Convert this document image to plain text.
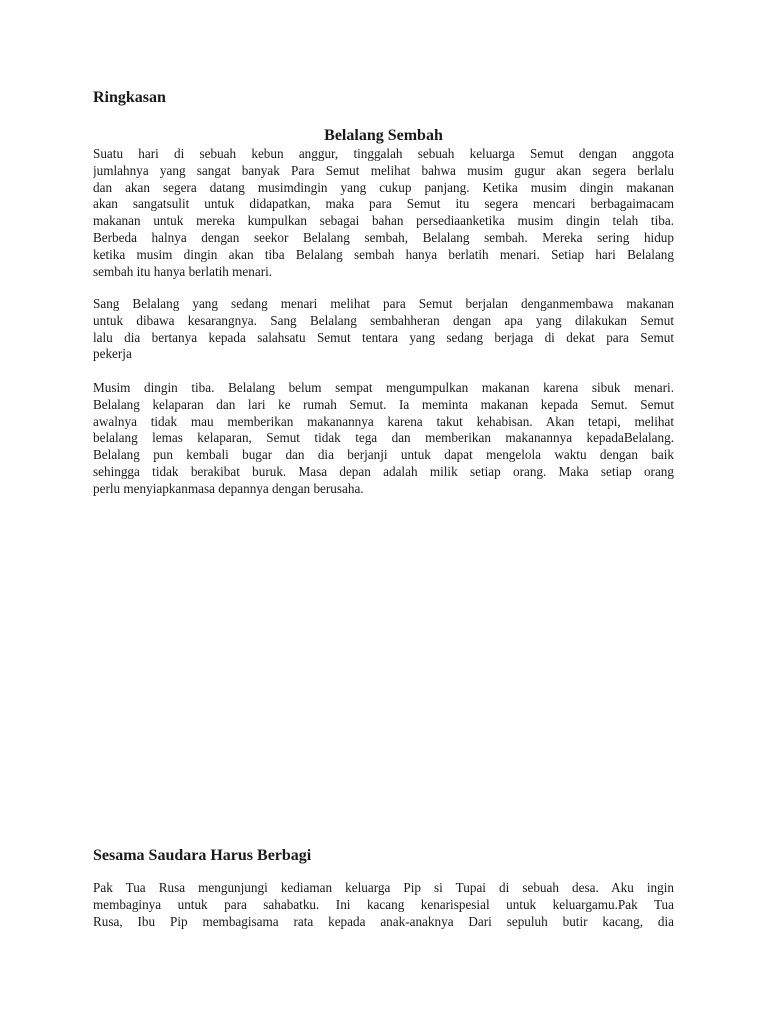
Ringkasan
Belalang Sembah
Suatu hari di sebuah kebun anggur, tinggalah sebuah keluarga Semut dengan anggota
jumlahnya yang sangat banyak Para Semut melihat bahwa musim gugur akan segera berlalu
dan akan segera datang musimdingin yang cukup panjang. Ketika musim dingin makanan
akan sangatsulit untuk didapatkan, maka para Semut itu segera mencari berbagaimacam
makanan untuk mereka kumpulkan sebagai bahan persediaanketika musim dingin telah tiba.
Berbeda halnya dengan seekor Belalang sembah, Belalang sembah. Mereka sering hidup
ketika musim dingin akan tiba Belalang sembah hanya berlatih menari. Setiap hari Belalang
sembah itu hanya berlatih menari.
Sang Belalang yang sedang menari melihat para Semut berjalan denganmembawa makanan
untuk dibawa kesarangnya. Sang Belalang sembahheran dengan apa yang dilakukan Semut
lalu dia bertanya kepada salahsatu Semut tentara yang sedang berjaga di dekat para Semut
pekerja
Musim dingin tiba. Belalang belum sempat mengumpulkan makanan karena sibuk menari.
Belalang kelaparan dan lari ke rumah Semut. Ia meminta makanan kepada Semut. Semut
awalnya tidak mau memberikan makanannya karena takut kehabisan. Akan tetapi, melihat
belalang lemas kelaparan, Semut tidak tega dan memberikan makanannya kepadaBelalang.
Belalang pun kembali bugar dan dia berjanji untuk dapat mengelola waktu dengan baik
sehingga tidak berakibat buruk. Masa depan adalah milik setiap orang. Maka setiap orang
perlu menyiapkanmasa depannya dengan berusaha.
Sesama Saudara Harus Berbagi
Pak Tua Rusa mengunjungi kediaman keluarga Pip si Tupai di sebuah desa. Aku ingin
membaginya untuk para sahabatku. Ini kacang kenarispesial untuk keluargamu.Pak Tua
Rusa, Ibu Pip membagisama rata kepada anak-anaknya Dari sepuluh butir kacang, dia
